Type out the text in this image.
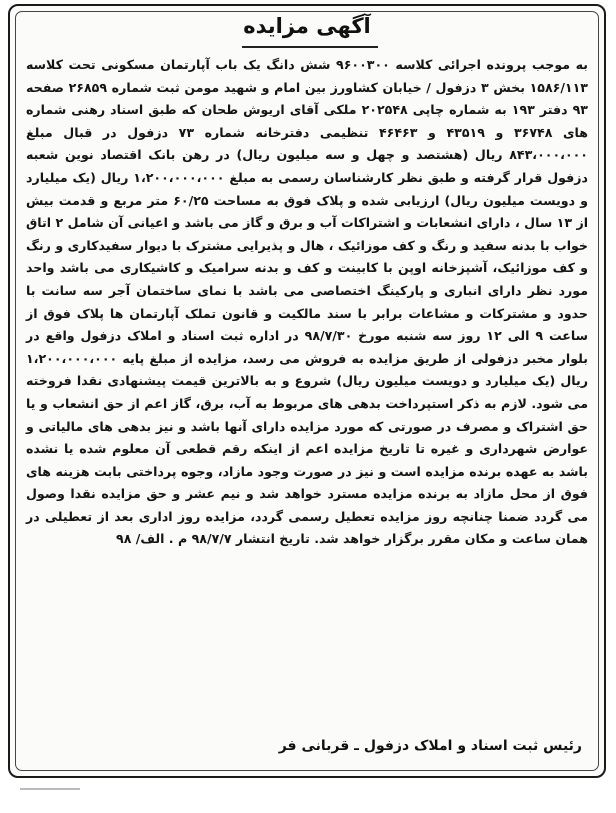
آگهی مزایده
به موجب پرونده اجرائی کلاسه ۹۶۰۰۳۰۰ شش دانگ یک باب آپارتمان مسکونی تحت کلاسه ۱۵۸۶/۱۱۳ بخش ۳ دزفول / خیابان کشاورز بین امام و شهید مومن ثبت شماره ۲۶۸۵۹ صفحه ۹۳ دفتر ۱۹۳ به شماره چاپی ۲۰۲۵۴۸ ملکی آقای اریوش طحان که طبق اسناد رهنی شماره های ۳۶۷۴۸ و ۴۳۵۱۹ و ۴۶۴۶۳ تنظیمی دفترخانه شماره ۷۳ دزفول در قبال مبلغ ۸۴۳،۰۰۰،۰۰۰ ریال (هشتصد و چهل و سه میلیون ریال) در رهن بانک اقتصاد نوین شعبه دزفول قرار گرفته و طبق نظر کارشناسان رسمی به مبلغ ۱،۲۰۰،۰۰۰،۰۰۰ ریال (یک میلیارد و دویست میلیون ریال) ارزیابی شده و پلاک فوق به مساحت ۶۰/۲۵ متر مربع و قدمت بیش از ۱۳ سال ، دارای انشعابات و اشتراکات آب و برق و گاز می باشد و اعیانی آن شامل ۲ اتاق خواب با بدنه سفید و رنگ و کف موزائیک ، هال و پذیرایی مشترک با دیوار سفیدکاری و رنگ و کف موزائیک، آشپزخانه اوپن با کابینت و کف و بدنه سرامیک و کاشیکاری می باشد واحد مورد نظر دارای انباری و پارکینگ اختصاصی می باشد با نمای ساختمان آجر سه سانت با حدود و مشترکات و مشاعات برابر با سند مالکیت و قانون تملک آپارتمان ها پلاک فوق از ساعت ۹ الی ۱۲ روز سه شنبه مورخ ۹۸/۷/۳۰ در اداره ثبت اسناد و املاک دزفول واقع در بلوار مخبر دزفولی از طریق مزایده به فروش می رسد، مزایده از مبلغ پایه ۱،۲۰۰،۰۰۰،۰۰۰ ریال (یک میلیارد و دویست میلیون ریال) شروع و به بالاترین قیمت پیشنهادی نقدا فروخته می شود. لازم به ذکر استپرداخت بدهی های مربوط به آب، برق، گاز اعم از حق انشعاب و یا حق اشتراک و مصرف در صورتی که مورد مزایده دارای آنها باشد و نیز بدهی های مالیاتی و عوارض شهرداری و غیره تا تاریخ مزایده اعم از اینکه رقم قطعی آن معلوم شده یا نشده باشد به عهده برنده مزایده است و نیز در صورت وجود مازاد، وجوه پرداختی بابت هزینه های فوق از محل مازاد به برنده مزایده مسترد خواهد شد و نیم عشر و حق مزایده نقدا وصول می گردد ضمنا چنانچه روز مزایده تعطیل رسمی گردد، مزایده روز اداری بعد از تعطیلی در همان ساعت و مکان مقرر برگزار خواهد شد. تاریخ انتشار ۹۸/۷/۷ م . الف/ ۹۸
رئیس ثبت اسناد و املاک دزفول ـ قربانی فر
